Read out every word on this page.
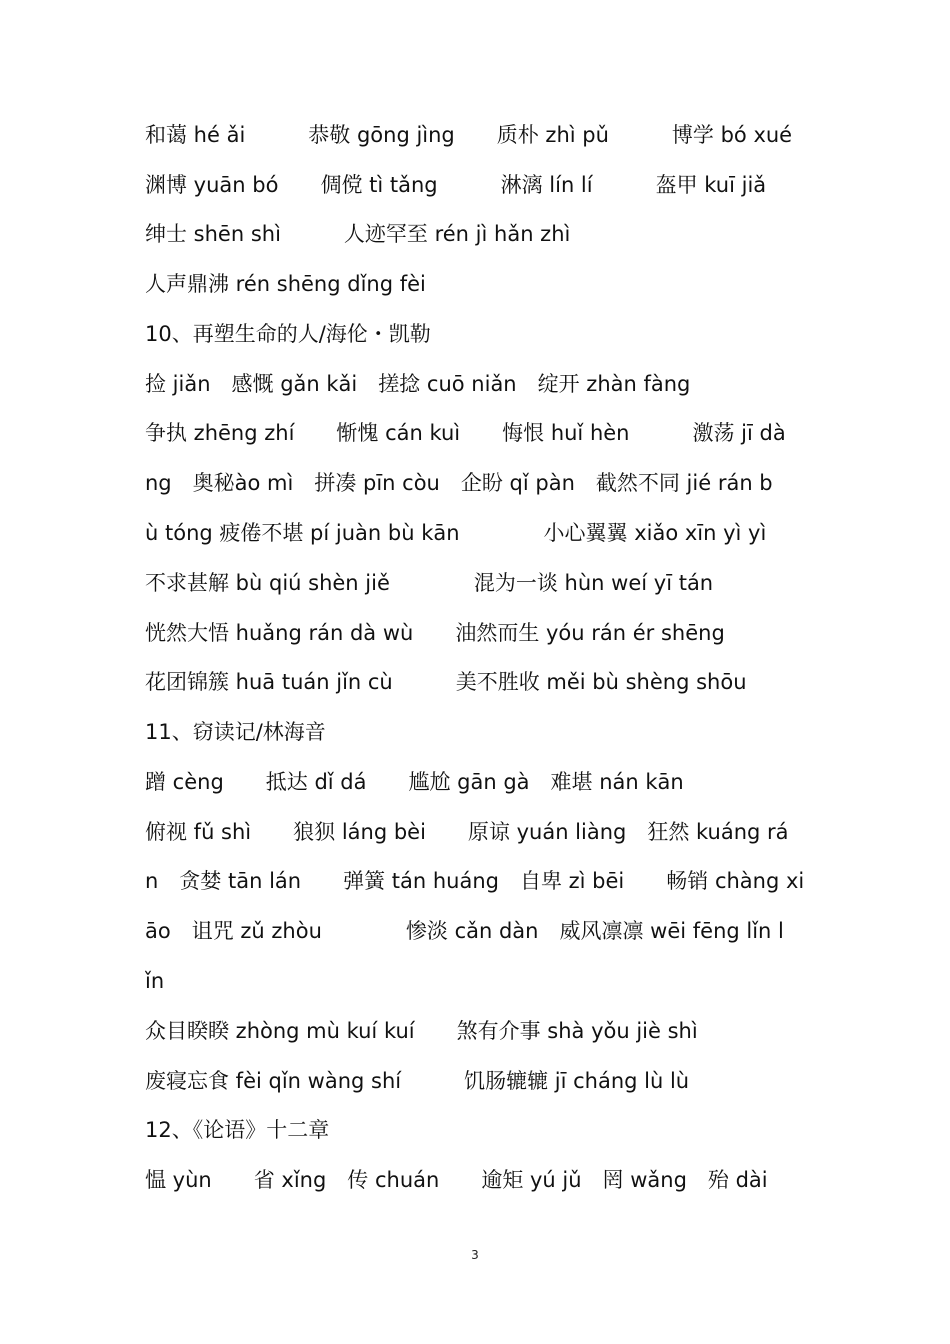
和蔼 hé ǎi　　　恭敬 gōng jìng　　质朴 zhì pǔ　　　博学 bó xué
渊博 yuān bó　　倜傥 tì tǎng　　　淋漓 lín lí　　　盔甲 kuī jiǎ
绅士 shēn shì　　　人迹罕至 rén jì hǎn zhì
人声鼎沸 rén shēng dǐng fèi
10、再塑生命的人/海伦・凯勒
捡 jiǎn　感慨 gǎn kǎi　搓捻 cuō niǎn　绽开 zhàn fàng
争执 zhēng zhí　　惭愧 cán kuì　　悔恨 huǐ hèn　　　激荡 jī dà
ng　奥秘ào mì　拼凑 pīn còu　企盼 qǐ pàn　截然不同 jié rán b
ù tóng 疲倦不堪 pí juàn bù kān　　　　小心翼翼 xiǎo xīn yì yì
不求甚解 bù qiú shèn jiě　　　　混为一谈 hùn weí yī tán
恍然大悟 huǎng rán dà wù　　油然而生 yóu rán ér shēng
花团锦簇 huā tuán jǐn cù　　　美不胜收 měi bù shèng shōu
11、窃读记/林海音
蹭 cèng　　抵达 dǐ dá　　尴尬 gān gà　难堪 nán kān
俯视 fǔ shì　　狼狈 láng bèi　　原谅 yuán liàng　狂然 kuáng rá
n　贪婪 tān lán　　弹簧 tán huáng　自卑 zì bēi　　畅销 chàng xi
āo　诅咒 zǔ zhòu　　　　惨淡 cǎn dàn　威风凛凛 wēi fēng lǐn l
ǐn
众目睽睽 zhòng mù kuí kuí　　煞有介事 shà yǒu jiè shì
废寝忘食 fèi qǐn wàng shí　　　饥肠辘辘 jī cháng lù lù
12、《论语》十二章
愠 yùn　　省 xǐng　传 chuán　　逾矩 yú jǔ　罔 wǎng　殆 dài
3
